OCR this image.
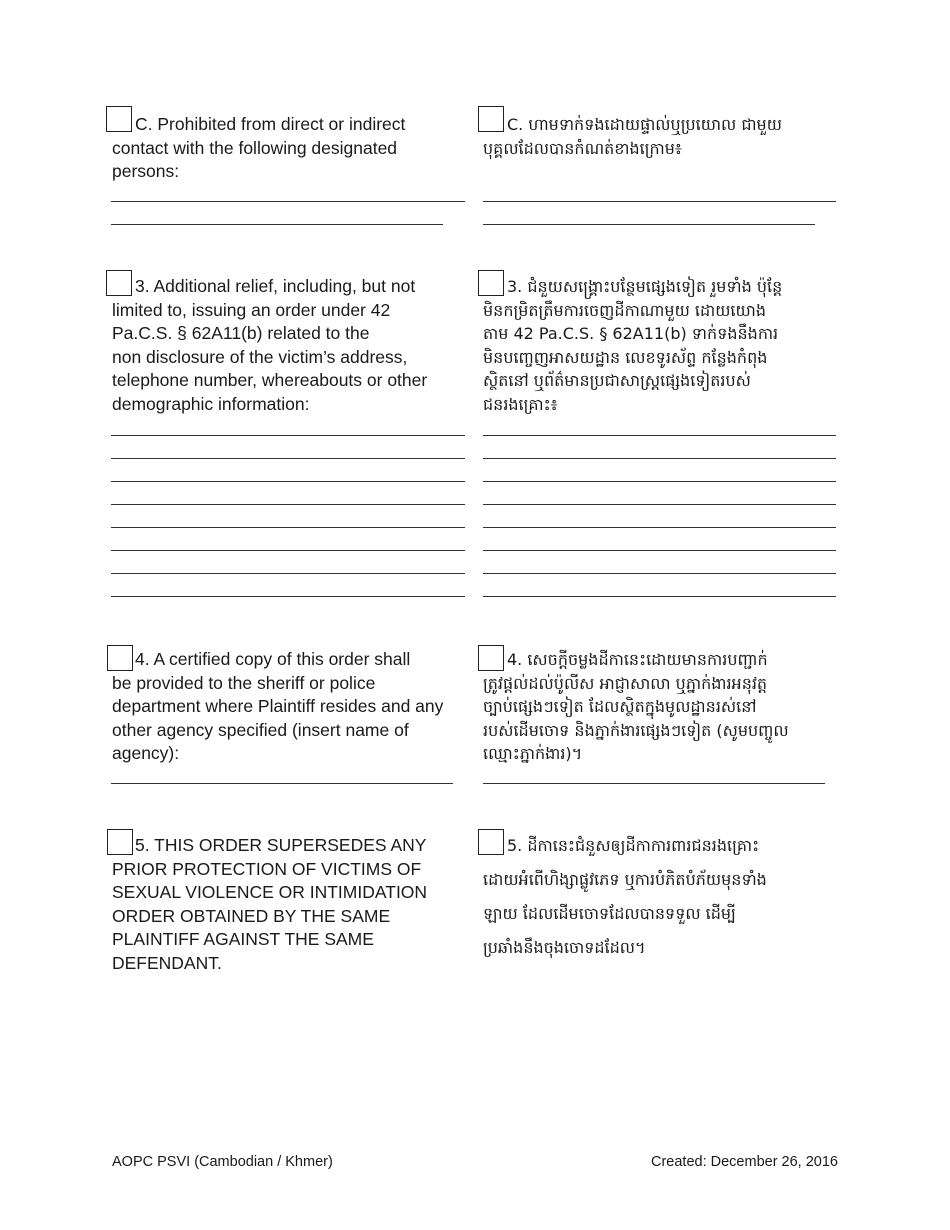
C. Prohibited from direct or indirect
contact with the following designated
persons:
C. ហាមទាក់ទងដោយផ្ទាល់ឬប្រយោល ជាមួយ
បុគ្គលដែលបានកំណត់ខាងក្រោម៖
3. Additional relief, including, but not
limited to, issuing an order under 42
Pa.C.S. § 62A11(b) related to the
non disclosure of the victim’s address,
telephone number, whereabouts or other
demographic information:
3. ជំនួយសង្គ្រោះបន្ថែមផ្សេងទៀត រួមទាំង ប៉ុន្តែ
មិនកម្រិតត្រឹមការចេញដីកាណាមួយ ដោយយោង
តាម 42 Pa.C.S. § 62A11(b) ទាក់ទងនឹងការ
មិនបញ្ចេញអាសយដ្ឋាន លេខទូរស័ព្ទ កន្លែងកំពុង
ស្ថិតនៅ ឬព័ត៌មានប្រជាសាស្រ្តផ្សេងទៀតរបស់
ជនរងគ្រោះ៖
4. A certified copy of this order shall
be provided to the sheriff or police
department where Plaintiff resides and any
other agency specified (insert name of
agency):
4. សេចក្តីចម្លងដីកានេះដោយមានការបញ្ជាក់
ត្រូវផ្តល់ដល់ប៉ូលីស អាជ្ញាសាលា ឬភ្នាក់ងារអនុវត្ត
ច្បាប់ផ្សេងៗទៀត ដែលស្ថិតក្នុងមូលដ្ឋានរស់នៅ
របស់ដើមចោទ និងភ្នាក់ងារផ្សេងៗទៀត (សូមបញ្ចូល
ឈ្មោះភ្នាក់ងារ)។
5. THIS ORDER SUPERSEDES ANY
PRIOR PROTECTION OF VICTIMS OF
SEXUAL VIOLENCE OR INTIMIDATION
ORDER OBTAINED BY THE SAME
PLAINTIFF AGAINST THE SAME
DEFENDANT.
5. ដីកានេះជំនួសឲ្យដីកាការពារជនរងគ្រោះ
ដោយអំពើហិង្សាផ្លូវភេទ ឬការបំភិតបំភ័យមុនទាំង
ឡាយ ដែលដើមចោទដែលបានទទួល ដើម្បី
ប្រឆាំងនឹងចុងចោទដដែល។
AOPC PSVI (Cambodian / Khmer)	Created: December 26, 2016
